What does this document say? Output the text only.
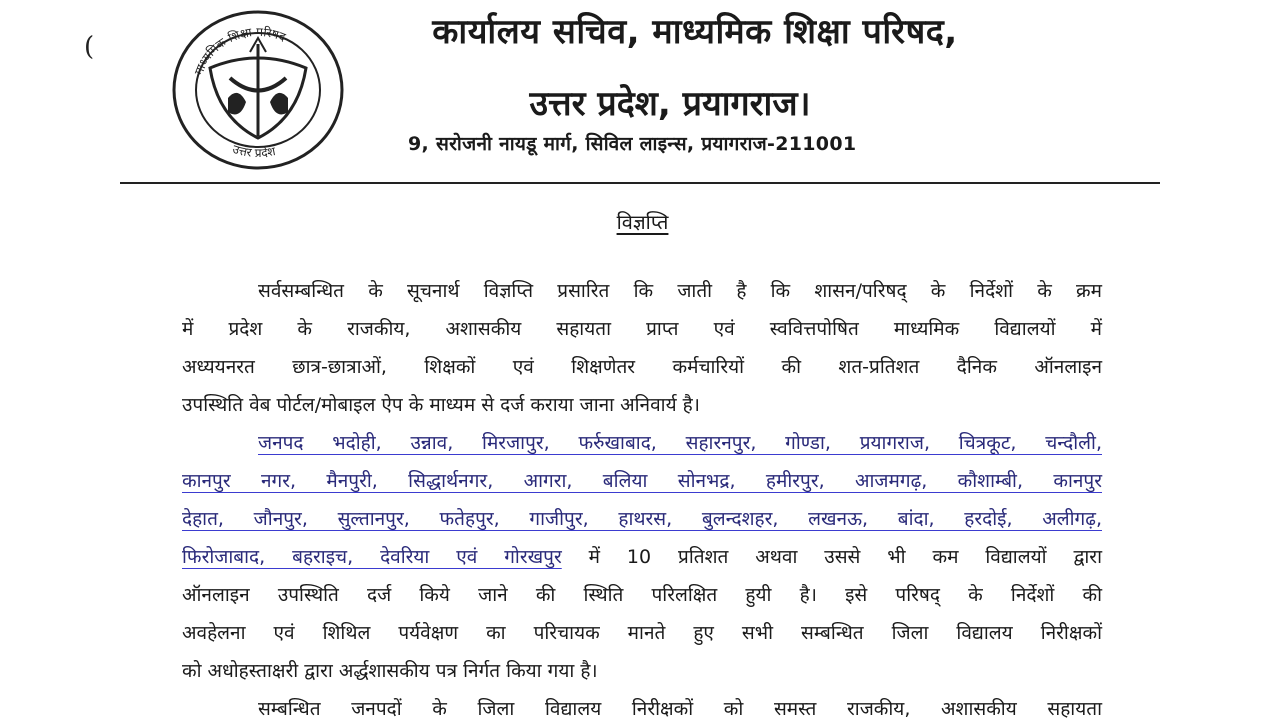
(
माध्यमिक शिक्षा परिषद
उत्तर प्रदेश
कार्यालय सचिव, माध्यमिक शिक्षा परिषद,
उत्तर प्रदेश, प्रयागराज।
9, सरोजनी नायडू मार्ग, सिविल लाइन्स, प्रयागराज-211001
विज्ञप्ति

सर्वसम्बन्धित के सूचनार्थ विज्ञप्ति प्रसारित कि जाती है कि शासन/परिषद् के निर्देशों के क्रम
में प्रदेश के राजकीय, अशासकीय सहायता प्राप्त एवं स्ववित्तपोषित माध्यमिक विद्यालयों में
अध्ययनरत छात्र-छात्राओं, शिक्षकों एवं शिक्षणेतर कर्मचारियों की शत-प्रतिशत दैनिक ऑनलाइन
उपस्थिति वेब पोर्टल/मोबाइल ऐप के माध्यम से दर्ज कराया जाना अनिवार्य है।

जनपद भदोही, उन्नाव, मिरजापुर, फर्रुखाबाद, सहारनपुर, गोण्डा, प्रयागराज, चित्रकूट, चन्दौली,
कानपुर नगर, मैनपुरी, सिद्धार्थनगर, आगरा, बलिया सोनभद्र, हमीरपुर, आजमगढ़, कौशाम्बी, कानपुर
देहात, जौनपुर, सुल्तानपुर, फतेहपुर, गाजीपुर, हाथरस, बुलन्दशहर, लखनऊ, बांदा, हरदोई, अलीगढ़,
फिरोजाबाद, बहराइच, देवरिया एवं गोरखपुर में 10 प्रतिशत अथवा उससे भी कम विद्यालयों द्वारा
ऑनलाइन उपस्थिति दर्ज किये जाने की स्थिति परिलक्षित हुयी है। इसे परिषद् के निर्देशों की
अवहेलना एवं शिथिल पर्यवेक्षण का परिचायक मानते हुए सभी सम्बन्धित जिला विद्यालय निरीक्षकों
को अधोहस्ताक्षरी द्वारा अर्द्धशासकीय पत्र निर्गत किया गया है।

सम्बन्धित जनपदों के जिला विद्यालय निरीक्षकों को समस्त राजकीय, अशासकीय सहायता
